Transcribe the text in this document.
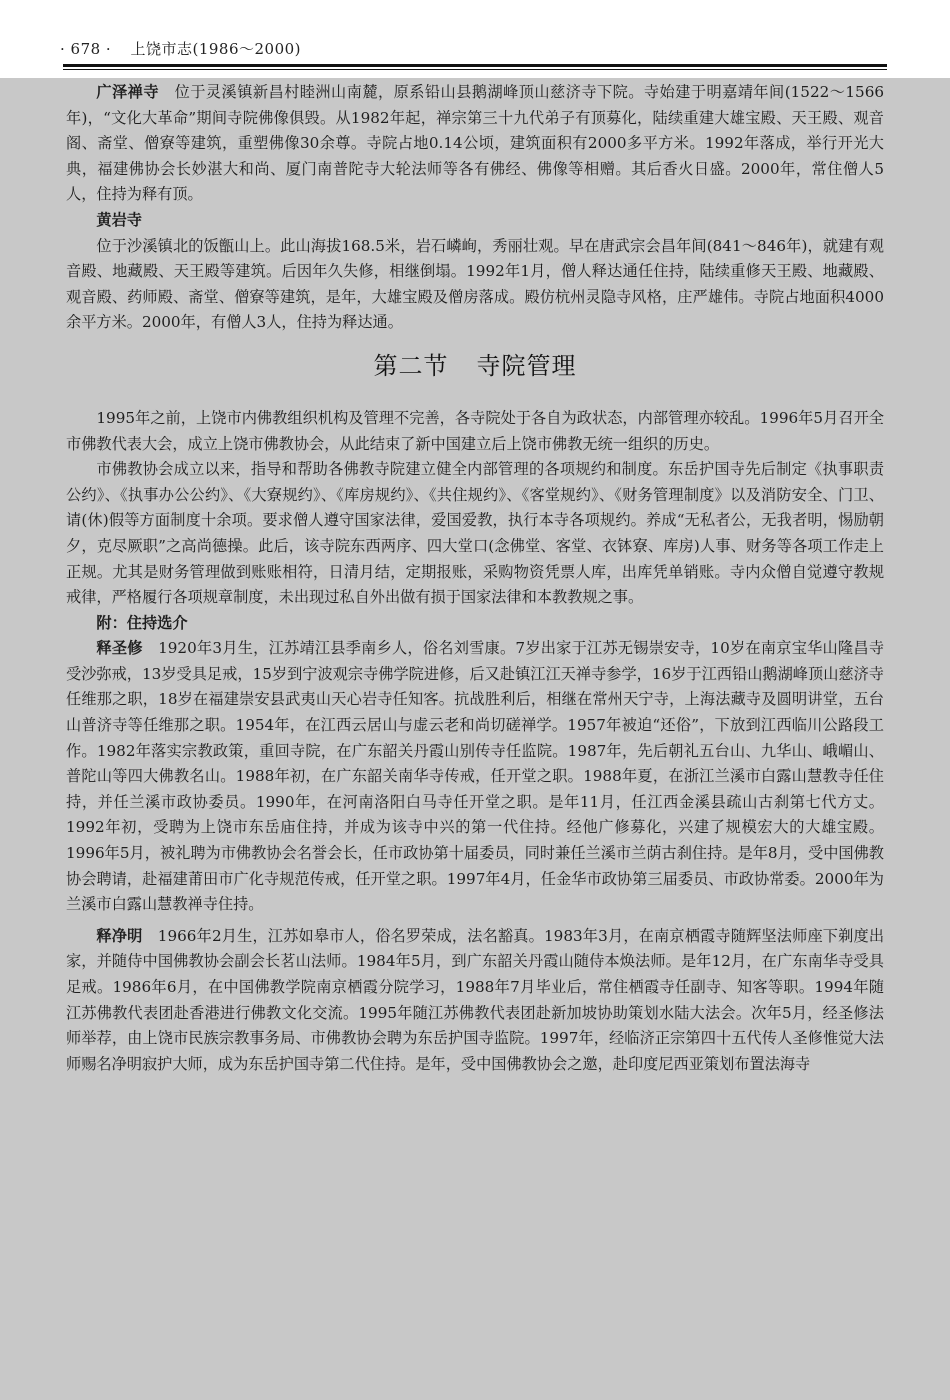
· 678 · 上饶市志(1986～2000)

广泽禅寺　 位于灵溪镇新昌村睦洲山南麓，原系铅山县鹅湖峰顶山慈济寺下院。寺始建于明嘉靖年间(1522～1566年)，“文化大革命”期间寺院佛像俱毁。从1982年起，禅宗第三十九代弟子有顶募化，陆续重建大雄宝殿、天王殿、观音阁、斋堂、僧寮等建筑，重塑佛像30余尊。寺院占地0.14公顷，建筑面积有2000多平方米。1992年落成，举行开光大典，福建佛协会长妙湛大和尚、厦门南普陀寺大轮法师等各有佛经、佛像等相赠。其后香火日盛。2000年，常住僧人5人，住持为释有顶。

黄岩寺

位于沙溪镇北的饭甑山上。此山海拔168.5米，岩石嶙峋，秀丽壮观。早在唐武宗会昌年间(841～846年)，就建有观音殿、地藏殿、天王殿等建筑。后因年久失修，相继倒塌。1992年1月，僧人释达通任住持，陆续重修天王殿、地藏殿、观音殿、药师殿、斋堂、僧寮等建筑，是年，大雄宝殿及僧房落成。殿仿杭州灵隐寺风格，庄严雄伟。寺院占地面积4000余平方米。2000年，有僧人3人，住持为释达通。

第二节 寺院管理

1995年之前，上饶市内佛教组织机构及管理不完善，各寺院处于各自为政状态，内部管理亦较乱。1996年5月召开全市佛教代表大会，成立上饶市佛教协会，从此结束了新中国建立后上饶市佛教无统一组织的历史。

市佛教协会成立以来，指导和帮助各佛教寺院建立健全内部管理的各项规约和制度。东岳护国寺先后制定《执事职责公约》、《执事办公公约》、《大寮规约》、《库房规约》、《共住规约》、《客堂规约》、《财务管理制度》以及消防安全、门卫、请(休)假等方面制度十余项。要求僧人遵守国家法律，爱国爱教，执行本寺各项规约。养成“无私者公，无我者明，惕励朝夕，克尽厥职”之高尚德操。此后，该寺院东西两序、四大堂口(念佛堂、客堂、衣钵寮、库房)人事、财务等各项工作走上正规。尤其是财务管理做到账账相符，日清月结，定期报账，采购物资凭票人库，出库凭单销账。寺内众僧自觉遵守教规戒律，严格履行各项规章制度，未出现过私自外出做有损于国家法律和本教教规之事。

附：住持选介

释圣修　 1920年3月生，江苏靖江县季南乡人，俗名刘雪康。7岁出家于江苏无锡崇安寺，10岁在南京宝华山隆昌寺受沙弥戒，13岁受具足戒，15岁到宁波观宗寺佛学院进修，后又赴镇江江天禅寺参学，16岁于江西铅山鹅湖峰顶山慈济寺任维那之职，18岁在福建崇安县武夷山天心岩寺任知客。抗战胜利后，相继在常州天宁寺，上海法藏寺及圆明讲堂，五台山普济寺等任维那之职。1954年，在江西云居山与虚云老和尚切磋禅学。1957年被迫“还俗”，下放到江西临川公路段工作。1982年落实宗教政策，重回寺院，在广东韶关丹霞山别传寺任监院。1987年，先后朝礼五台山、九华山、峨嵋山、普陀山等四大佛教名山。1988年初，在广东韶关南华寺传戒，任开堂之职。1988年夏，在浙江兰溪市白露山慧教寺任住持，并任兰溪市政协委员。1990年，在河南洛阳白马寺任开堂之职。是年11月，任江西金溪县疏山古刹第七代方丈。1992年初，受聘为上饶市东岳庙住持，并成为该寺中兴的第一代住持。经他广修募化，兴建了规模宏大的大雄宝殿。1996年5月，被礼聘为市佛教协会名誉会长，任市政协第十届委员，同时兼任兰溪市兰荫古刹住持。是年8月，受中国佛教协会聘请，赴福建莆田市广化寺规范传戒，任开堂之职。1997年4月，任金华市政协第三届委员、市政协常委。2000年为兰溪市白露山慧教禅寺住持。

释净明　 1966年2月生，江苏如皋市人，俗名罗荣成，法名豁真。1983年3月，在南京栖霞寺随辉坚法师座下剃度出家，并随侍中国佛教协会副会长茗山法师。1984年5月，到广东韶关丹霞山随侍本焕法师。是年12月，在广东南华寺受具足戒。1986年6月，在中国佛教学院南京栖霞分院学习，1988年7月毕业后，常住栖霞寺任副寺、知客等职。1994年随江苏佛教代表团赴香港进行佛教文化交流。1995年随江苏佛教代表团赴新加坡协助策划水陆大法会。次年5月，经圣修法师举荐，由上饶市民族宗教事务局、市佛教协会聘为东岳护国寺监院。1997年，经临济正宗第四十五代传人圣修惟觉大法师赐名净明寂护大师，成为东岳护国寺第二代住持。是年，受中国佛教协会之邀，赴印度尼西亚策划布置法海寺
